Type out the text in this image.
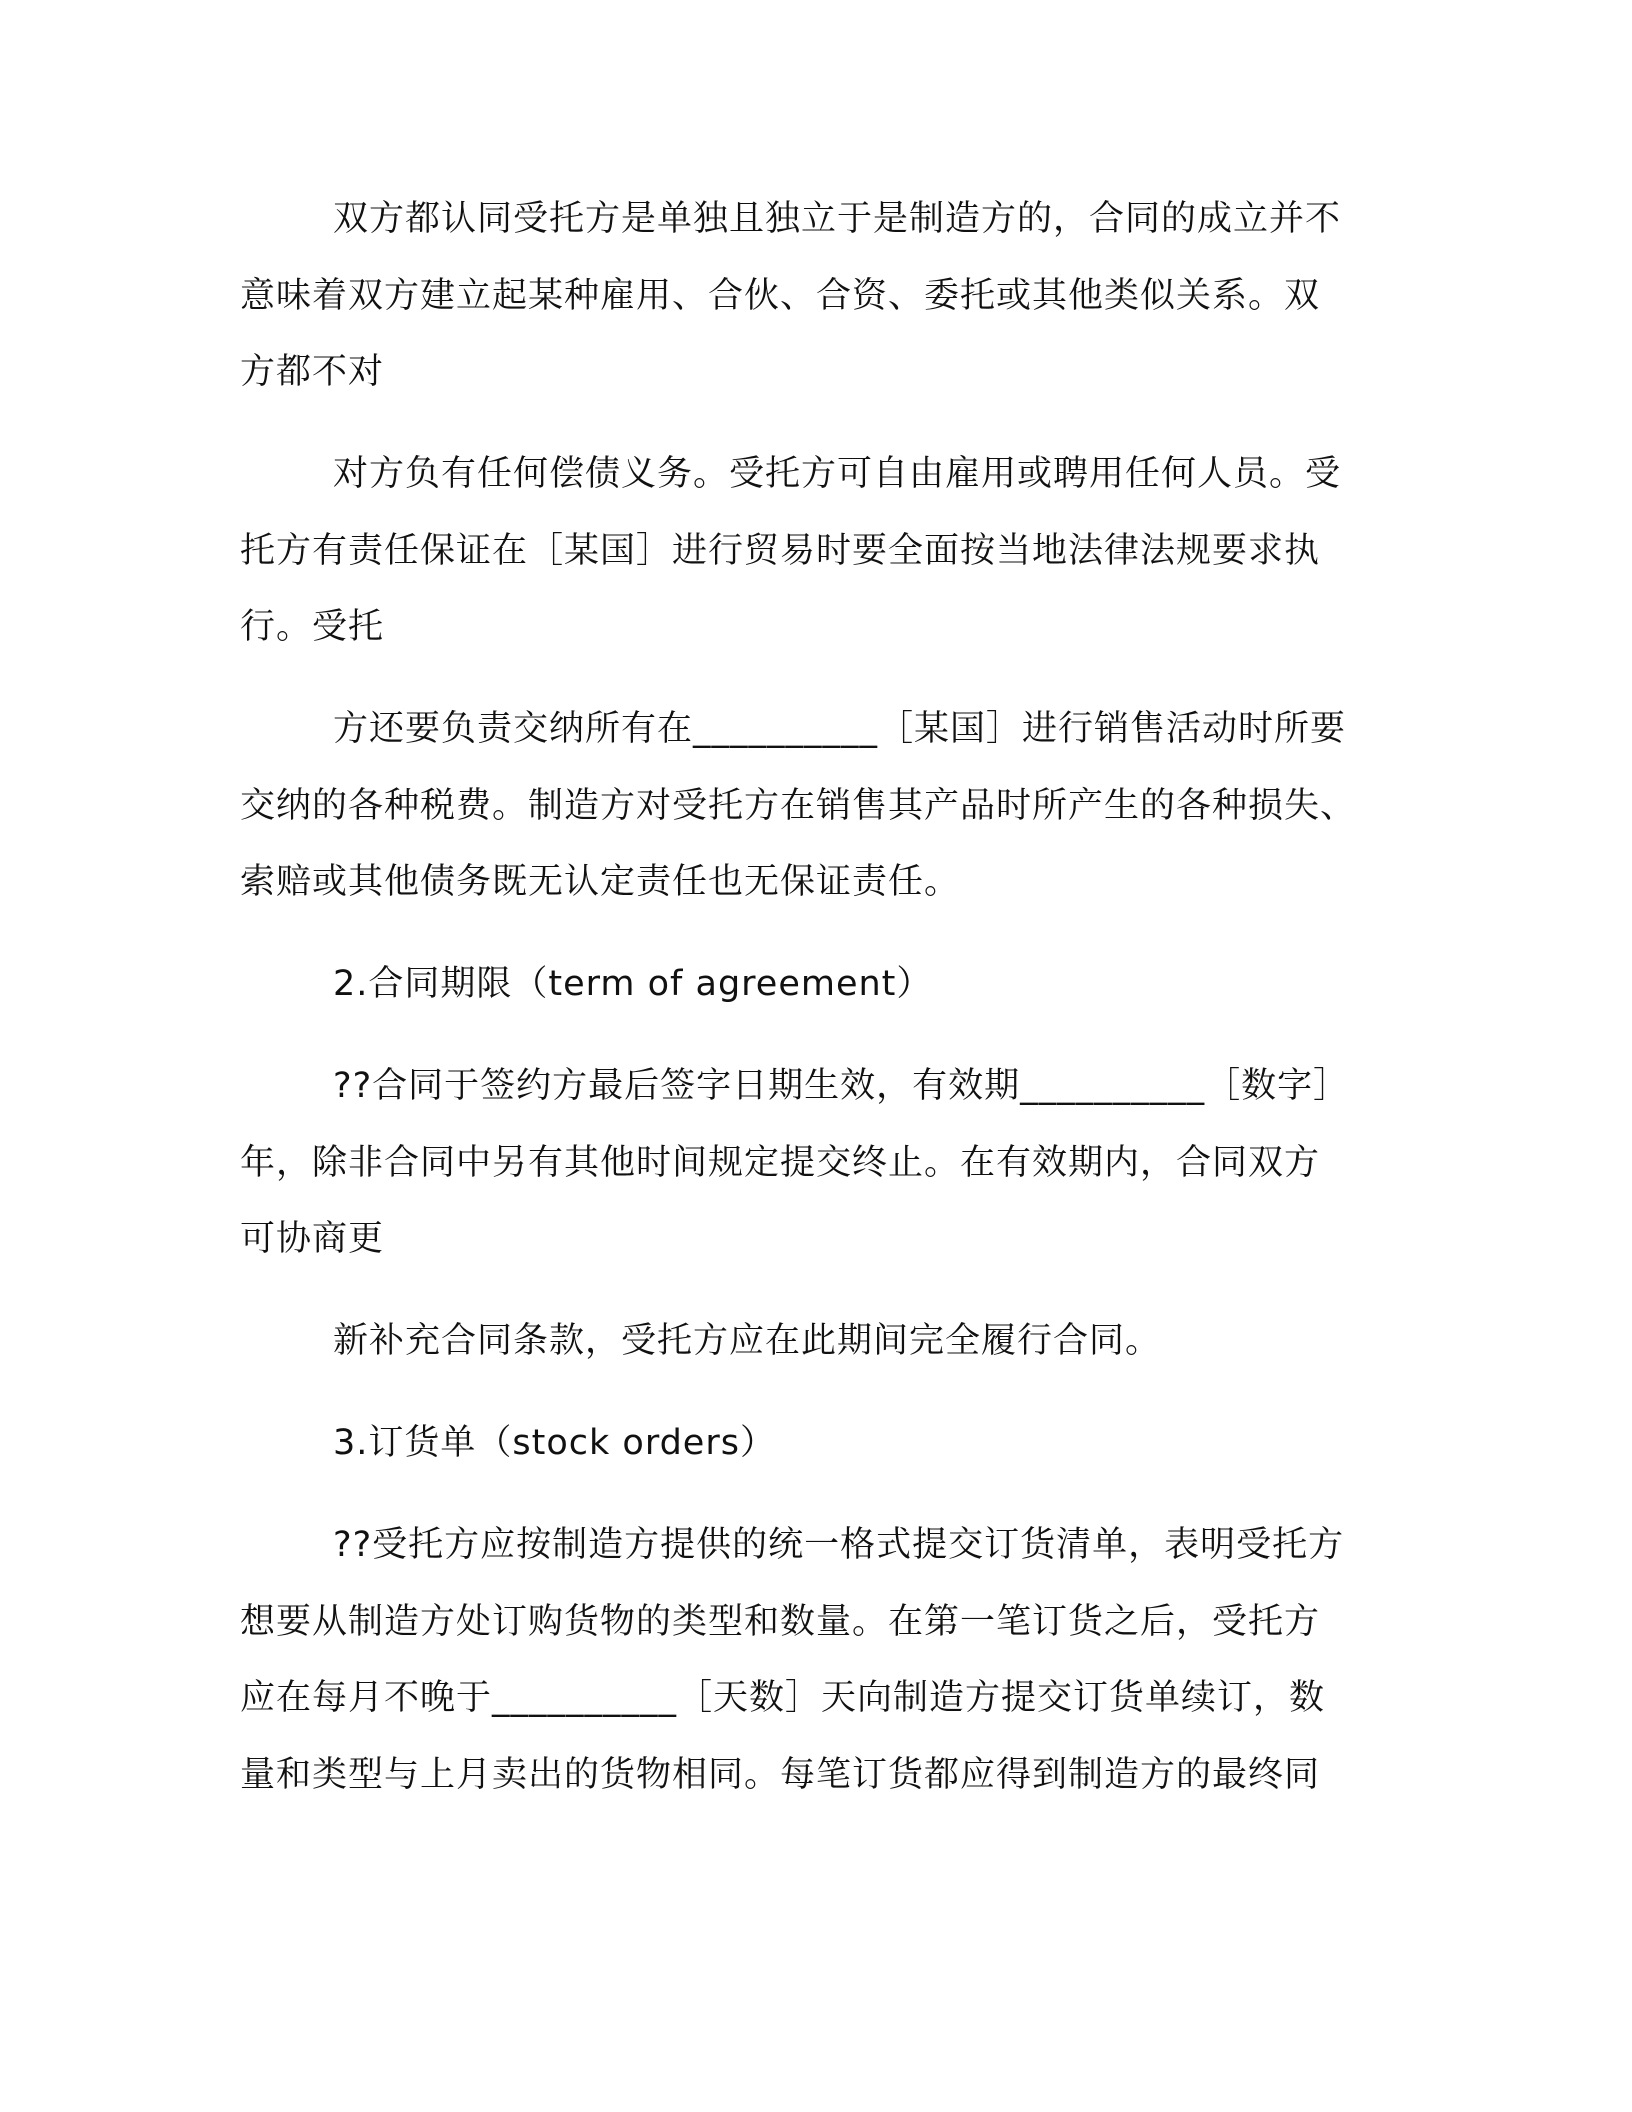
双方都认同受托方是单独且独立于是制造方的，合同的成立并不
意味着双方建立起某种雇用、合伙、合资、委托或其他类似关系。双
方都不对
对方负有任何偿债义务。受托方可自由雇用或聘用任何人员。受
托方有责任保证在［某国］进行贸易时要全面按当地法律法规要求执
行。受托
方还要负责交纳所有在__________［某国］进行销售活动时所要
交纳的各种税费。制造方对受托方在销售其产品时所产生的各种损失、
索赔或其他债务既无认定责任也无保证责任。
2.合同期限（term of agreement）
??合同于签约方最后签字日期生效，有效期__________［数字］
年，除非合同中另有其他时间规定提交终止。在有效期内，合同双方
可协商更
新补充合同条款，受托方应在此期间完全履行合同。
3.订货单（stock orders）
??受托方应按制造方提供的统一格式提交订货清单，表明受托方
想要从制造方处订购货物的类型和数量。在第一笔订货之后，受托方
应在每月不晚于__________［天数］天向制造方提交订货单续订，数
量和类型与上月卖出的货物相同。每笔订货都应得到制造方的最终同
